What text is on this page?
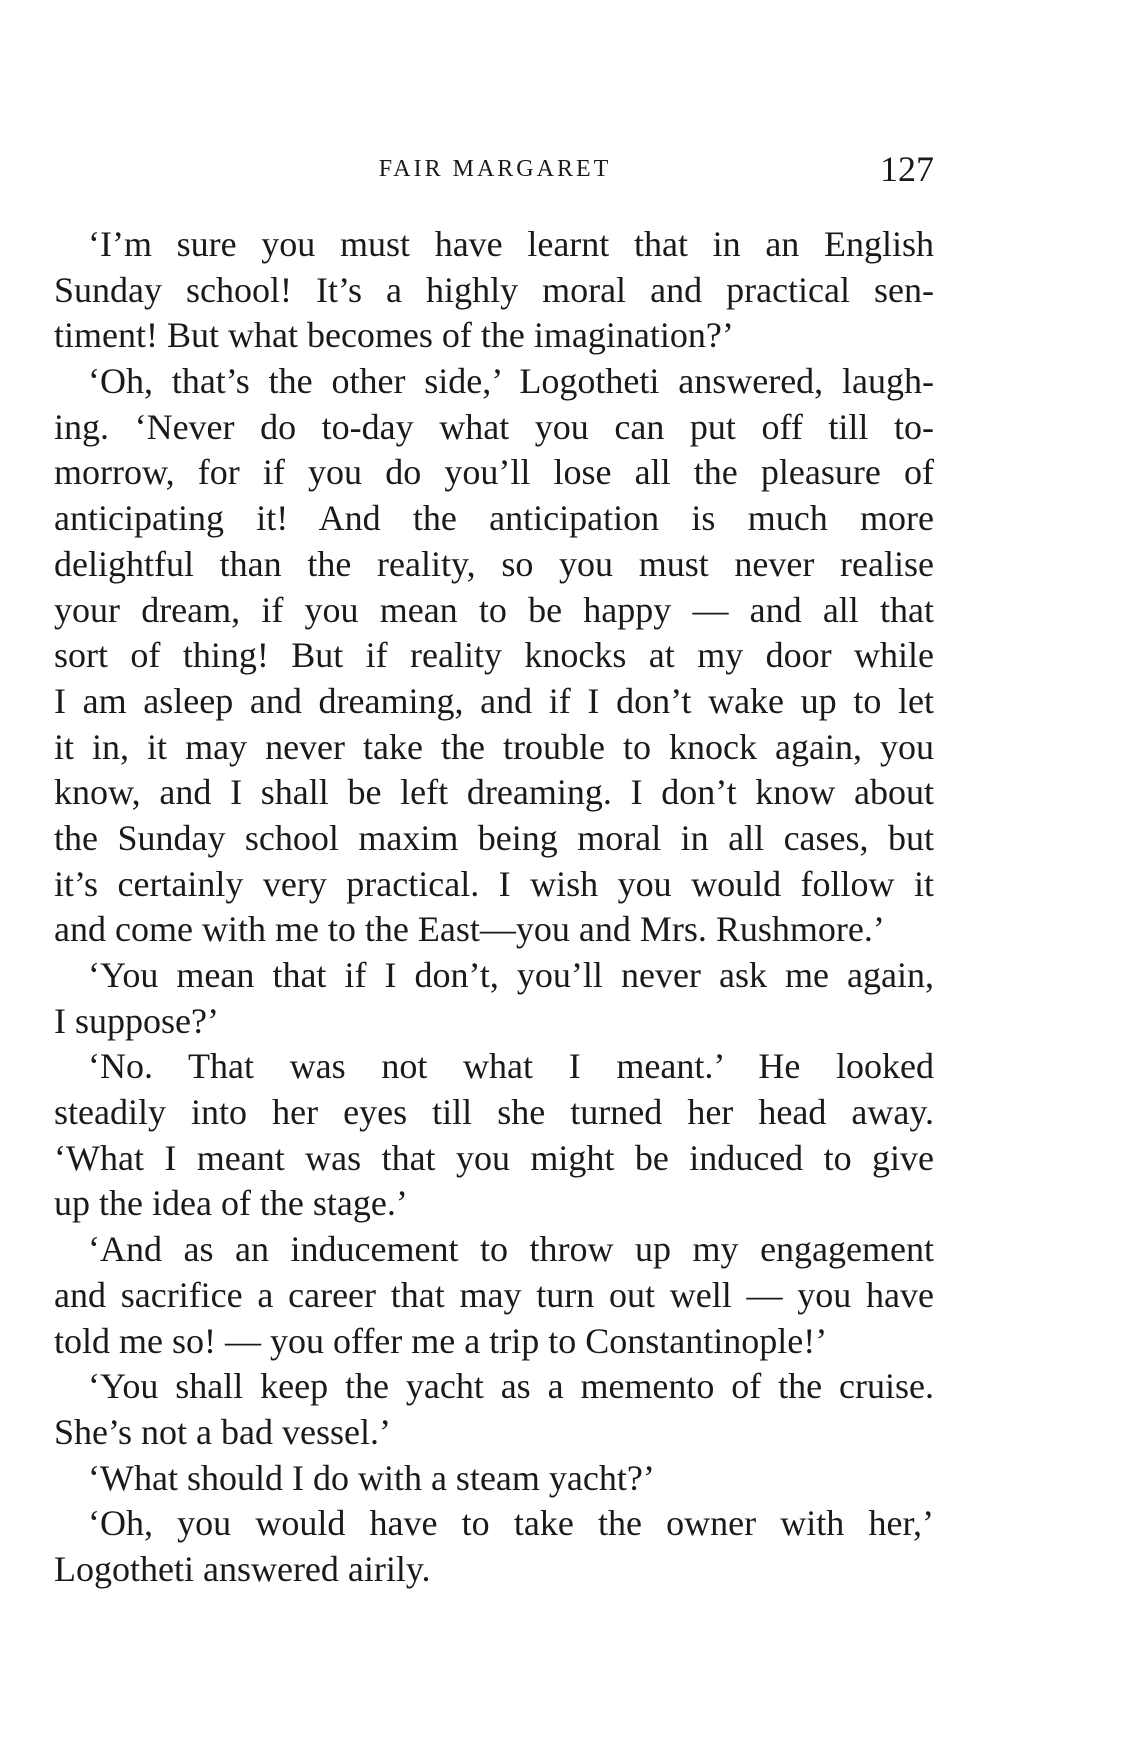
FAIR MARGARET	127
‘I’m sure you must have learnt that in an English
Sunday school! It’s a highly moral and practical sen-
timent! But what becomes of the imagination?’
‘Oh, that’s the other side,’ Logotheti answered, laugh-
ing. ‘Never do to-day what you can put off till to-
morrow, for if you do you’ll lose all the pleasure of
anticipating it! And the anticipation is much more
delightful than the reality, so you must never realise
your dream, if you mean to be happy — and all that
sort of thing! But if reality knocks at my door while
I am asleep and dreaming, and if I don’t wake up to let
it in, it may never take the trouble to knock again, you
know, and I shall be left dreaming. I don’t know about
the Sunday school maxim being moral in all cases, but
it’s certainly very practical. I wish you would follow it
and come with me to the East—you and Mrs. Rushmore.’
‘You mean that if I don’t, you’ll never ask me again,
I suppose?’
‘No. That was not what I meant.’ He looked
steadily into her eyes till she turned her head away.
‘What I meant was that you might be induced to give
up the idea of the stage.’
‘And as an inducement to throw up my engagement
and sacrifice a career that may turn out well — you have
told me so! — you offer me a trip to Constantinople!’
‘You shall keep the yacht as a memento of the cruise.
She’s not a bad vessel.’
‘What should I do with a steam yacht?’
‘Oh, you would have to take the owner with her,’
Logotheti answered airily.
